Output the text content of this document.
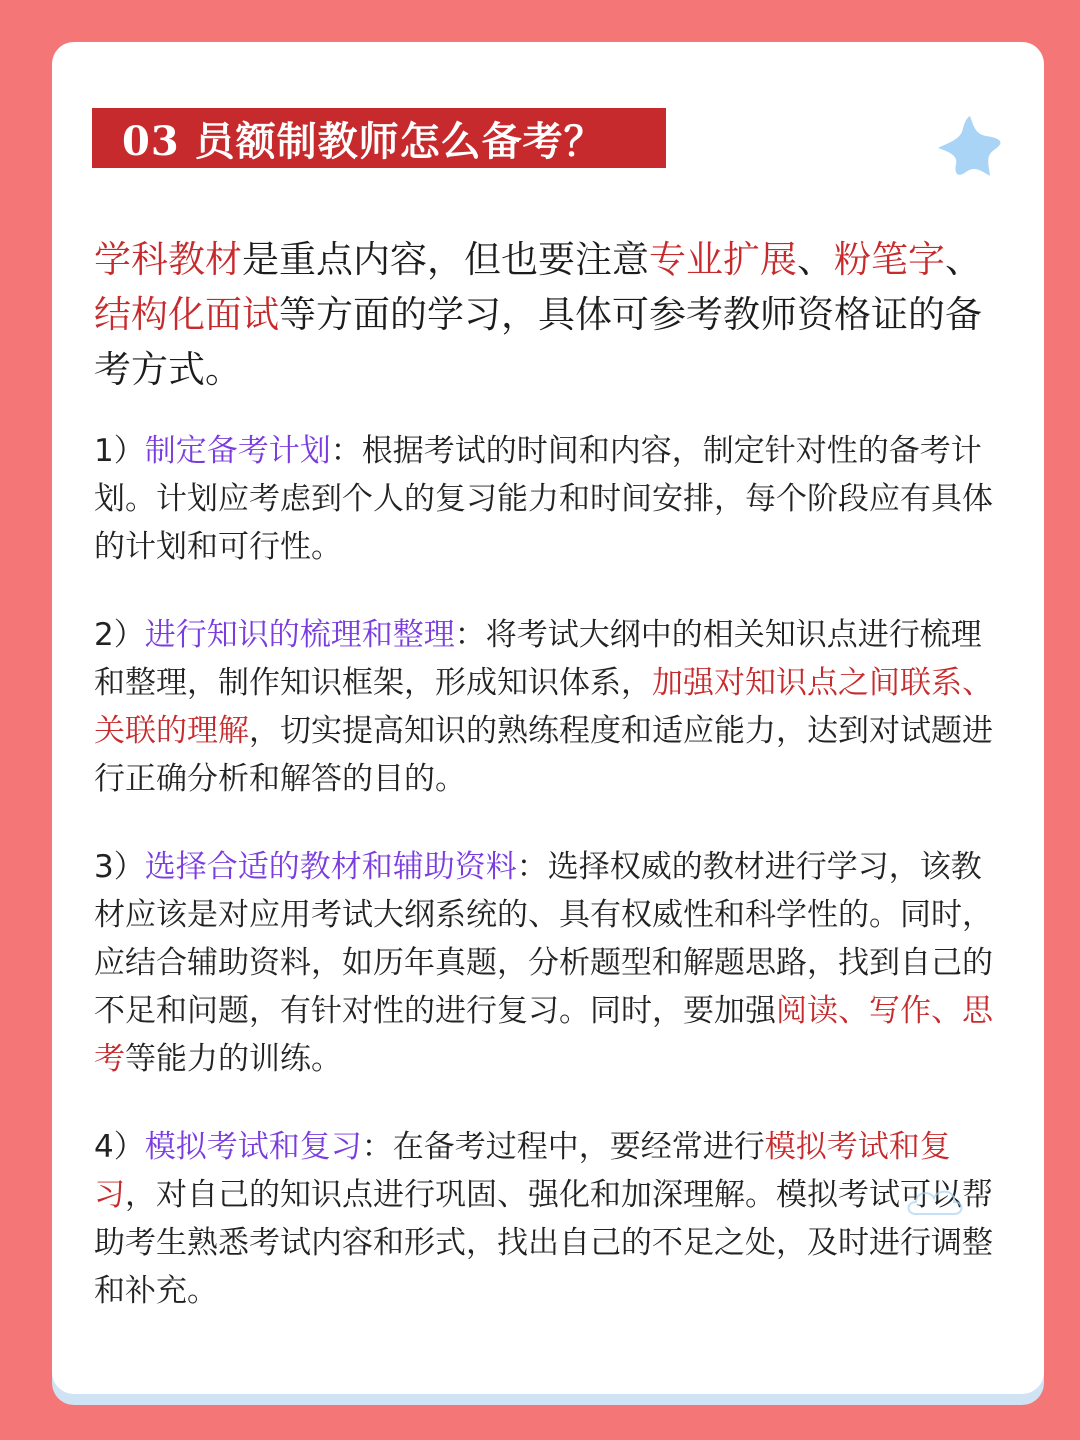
03 员额制教师怎么备考？

学科教材是重点内容，但也要注意专业扩展、粉笔字、结构化面试等方面的学习，具体可参考教师资格证的备考方式。

1）制定备考计划：根据考试的时间和内容，制定针对性的备考计划。计划应考虑到个人的复习能力和时间安排，每个阶段应有具体的计划和可行性。

2）进行知识的梳理和整理：将考试大纲中的相关知识点进行梳理和整理，制作知识框架，形成知识体系，加强对知识点之间联系、关联的理解，切实提高知识的熟练程度和适应能力，达到对试题进行正确分析和解答的目的。

3）选择合适的教材和辅助资料：选择权威的教材进行学习，该教材应该是对应用考试大纲系统的、具有权威性和科学性的。同时，应结合辅助资料，如历年真题，分析题型和解题思路，找到自己的不足和问题，有针对性的进行复习。同时，要加强阅读、写作、思考等能力的训练。

4）模拟考试和复习：在备考过程中，要经常进行模拟考试和复习，对自己的知识点进行巩固、强化和加深理解。模拟考试可以帮助考生熟悉考试内容和形式，找出自己的不足之处，及时进行调整和补充。
